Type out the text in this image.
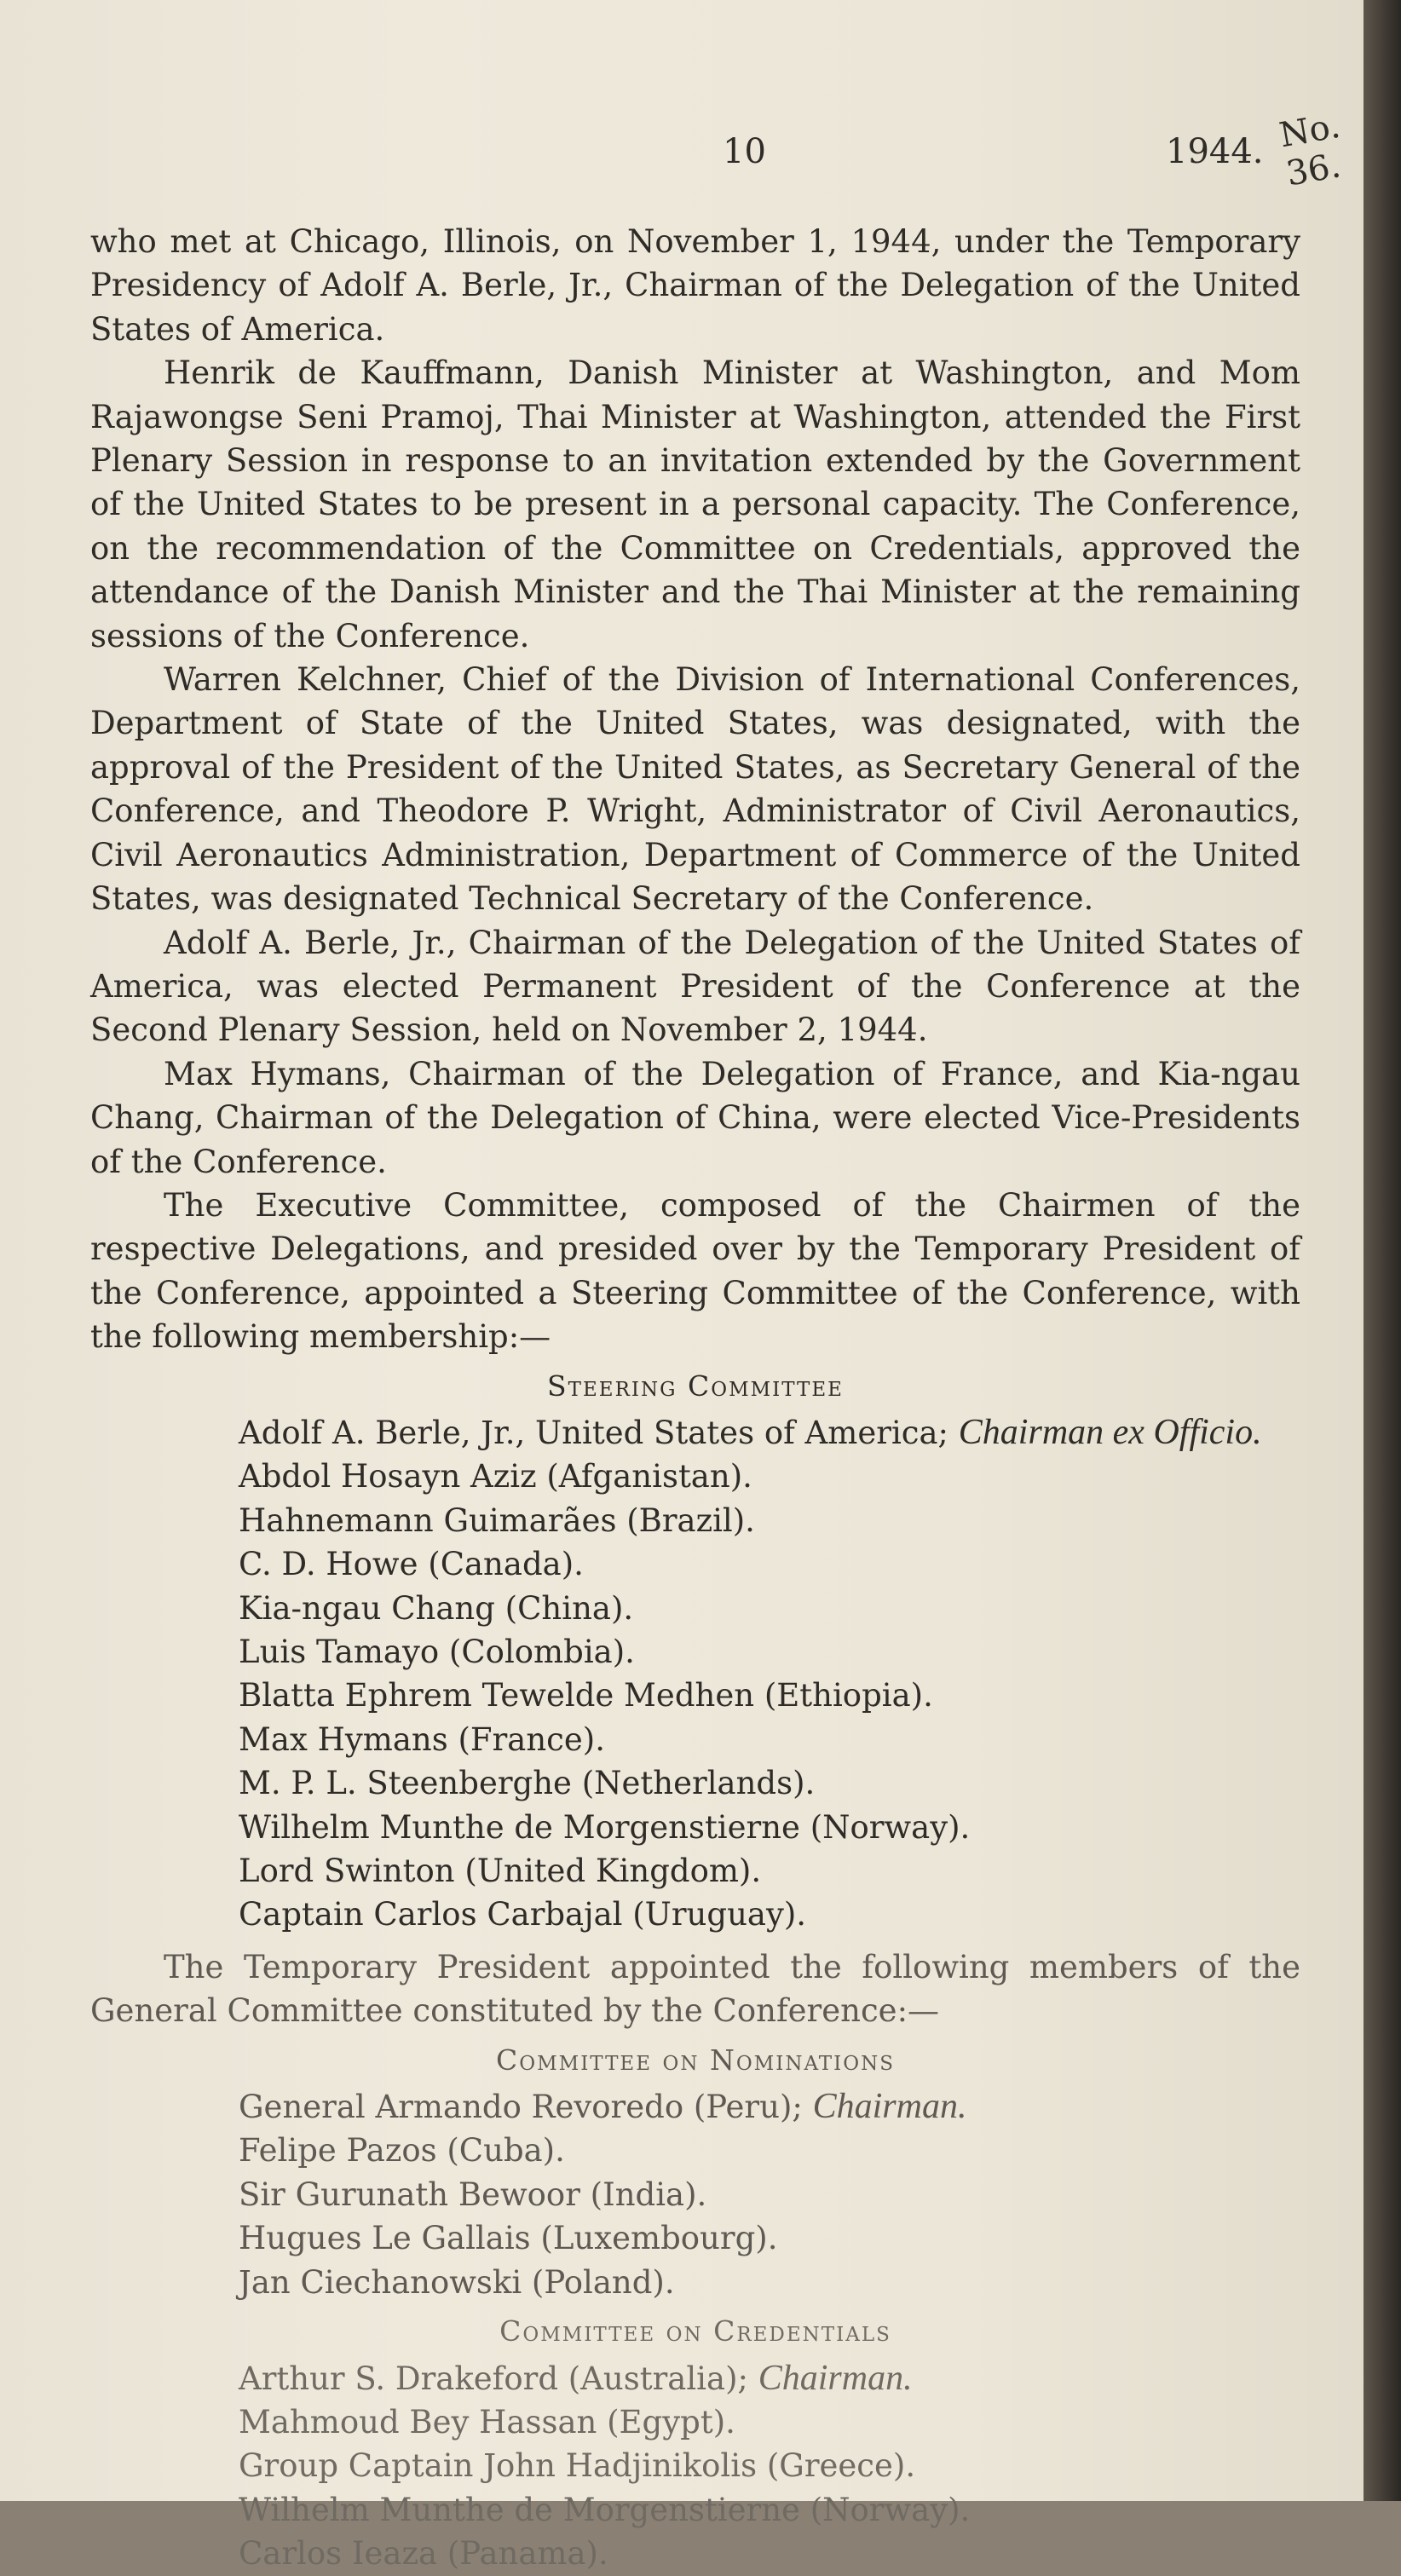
10	1944. No. 36.

who met at Chicago, Illinois, on November 1, 1944, under the Temporary Presidency of Adolf A. Berle, Jr., Chairman of the Delegation of the United States of America.

Henrik de Kauffmann, Danish Minister at Washington, and Mom Rajawongse Seni Pramoj, Thai Minister at Washington, attended the First Plenary Session in response to an invitation extended by the Government of the United States to be present in a personal capacity. The Conference, on the recommendation of the Committee on Credentials, approved the attendance of the Danish Minister and the Thai Minister at the remaining sessions of the Conference.

Warren Kelchner, Chief of the Division of International Conferences, Department of State of the United States, was designated, with the approval of the President of the United States, as Secretary General of the Conference, and Theodore P. Wright, Administrator of Civil Aeronautics, Civil Aeronautics Administration, Department of Commerce of the United States, was designated Technical Secretary of the Conference.

Adolf A. Berle, Jr., Chairman of the Delegation of the United States of America, was elected Permanent President of the Conference at the Second Plenary Session, held on November 2, 1944.

Max Hymans, Chairman of the Delegation of France, and Kia-ngau Chang, Chairman of the Delegation of China, were elected Vice-Presidents of the Conference.

The Executive Committee, composed of the Chairmen of the respective Delegations, and presided over by the Temporary President of the Conference, appointed a Steering Committee of the Conference, with the following membership:—

Steering Committee

Adolf A. Berle, Jr., United States of America; Chairman ex Officio.
Abdol Hosayn Aziz (Afganistan).
Hahnemann Guimarães (Brazil).
C. D. Howe (Canada).
Kia-ngau Chang (China).
Luis Tamayo (Colombia).
Blatta Ephrem Tewelde Medhen (Ethiopia).
Max Hymans (France).
M. P. L. Steenberghe (Netherlands).
Wilhelm Munthe de Morgenstierne (Norway).
Lord Swinton (United Kingdom).
Captain Carlos Carbajal (Uruguay).

The Temporary President appointed the following members of the General Committee constituted by the Conference:—

Committee on Nominations

General Armando Revoredo (Peru); Chairman.
Felipe Pazos (Cuba).
Sir Gurunath Bewoor (India).
Hugues Le Gallais (Luxembourg).
Jan Ciechanowski (Poland).

Committee on Credentials

Arthur S. Drakeford (Australia); Chairman.
Mahmoud Bey Hassan (Egypt).
Group Captain John Hadjinikolis (Greece).
Wilhelm Munthe de Morgenstierne (Norway).
Carlos Ieaza (Panama).
